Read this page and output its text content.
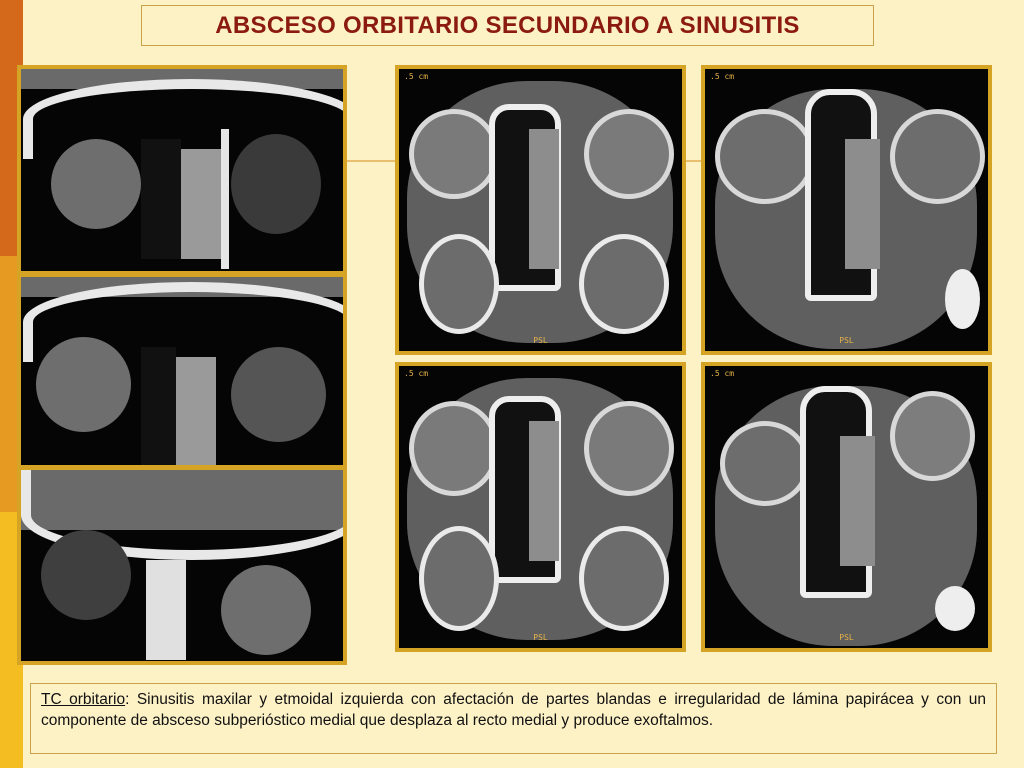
ABSCESO ORBITARIO SECUNDARIO A SINUSITIS
.5 cm
PSL
.5 cm
PSL
.5 cm
PSL
.5 cm
PSL
TC orbitario: Sinusitis maxilar y etmoidal izquierda con afectación de partes blandas e irregularidad de lámina papirácea y con un componente de absceso subperióstico medial que desplaza al recto medial y produce exoftalmos.
